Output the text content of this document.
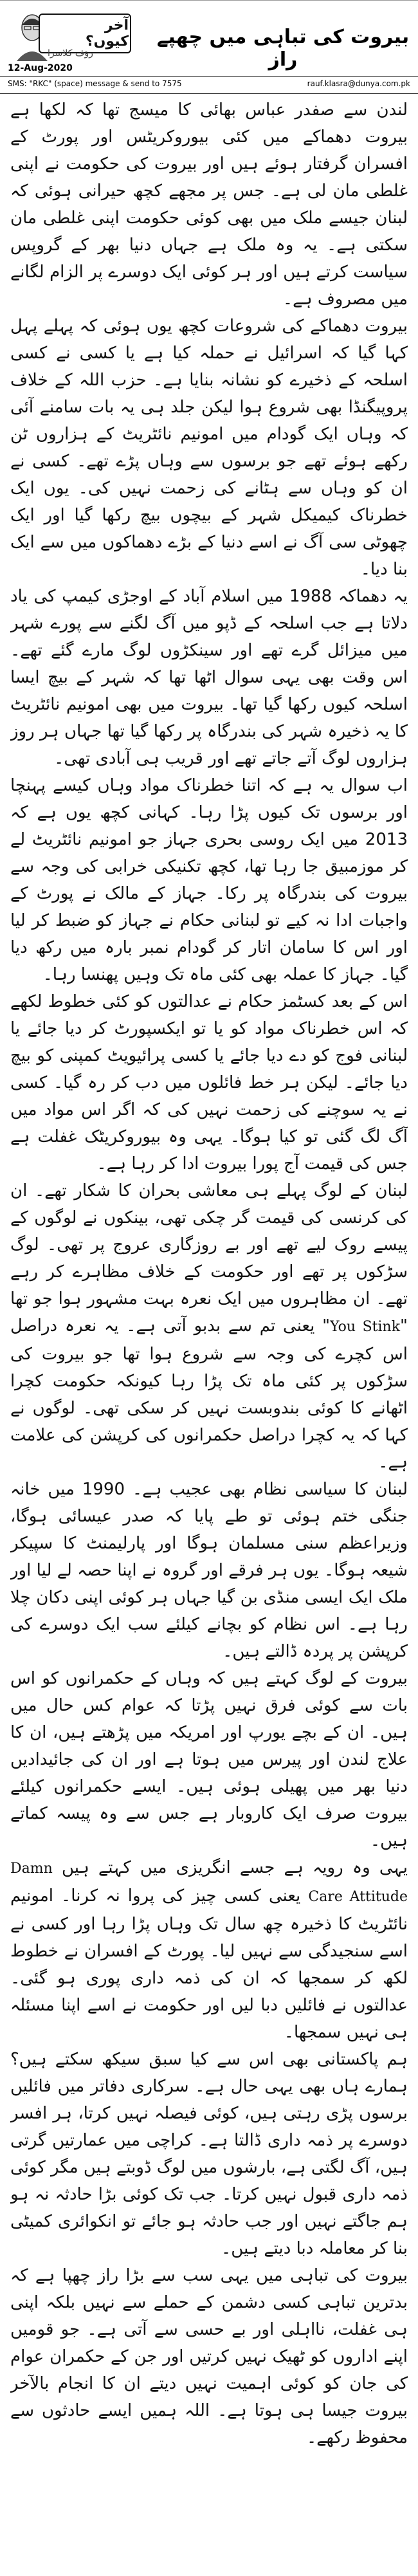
آخر کیوں؟
رؤف کلاسرا
بیروت کی تباہی میں چھپے راز
12-Aug-2020
SMS: "RKC" (space) message & send to 7575	rauf.klasra@dunya.com.pk

لندن سے صفدر عباس بھائی کا میسج تھا کہ لکھا ہے بیروت دھماکے میں کئی بیوروکریٹس اور پورٹ کے افسران گرفتار ہوئے ہیں اور بیروت کی حکومت نے اپنی غلطی مان لی ہے۔ جس پر مجھے کچھ حیرانی ہوئی کہ لبنان جیسے ملک میں بھی کوئی حکومت اپنی غلطی مان سکتی ہے۔ یہ وہ ملک ہے جہاں دنیا بھر کے گروپس سیاست کرتے ہیں اور ہر کوئی ایک دوسرے پر الزام لگانے میں مصروف ہے۔

بیروت دھماکے کی شروعات کچھ یوں ہوئی کہ پہلے پہل کہا گیا کہ اسرائیل نے حملہ کیا ہے یا کسی نے کسی اسلحہ کے ذخیرے کو نشانہ بنایا ہے۔ حزب اللہ کے خلاف پروپیگنڈا بھی شروع ہوا لیکن جلد ہی یہ بات سامنے آئی کہ وہاں ایک گودام میں امونیم نائٹریٹ کے ہزاروں ٹن رکھے ہوئے تھے جو برسوں سے وہاں پڑے تھے۔ کسی نے ان کو وہاں سے ہٹانے کی زحمت نہیں کی۔ یوں ایک خطرناک کیمیکل شہر کے بیچوں بیچ رکھا گیا اور ایک چھوٹی سی آگ نے اسے دنیا کے بڑے دھماکوں میں سے ایک بنا دیا۔

یہ دھماکہ 1988 میں اسلام آباد کے اوجڑی کیمپ کی یاد دلاتا ہے جب اسلحہ کے ڈپو میں آگ لگنے سے پورے شہر میں میزائل گرے تھے اور سینکڑوں لوگ مارے گئے تھے۔ اس وقت بھی یہی سوال اٹھا تھا کہ شہر کے بیچ ایسا اسلحہ کیوں رکھا گیا تھا۔ بیروت میں بھی امونیم نائٹریٹ کا یہ ذخیرہ شہر کی بندرگاہ پر رکھا گیا تھا جہاں ہر روز ہزاروں لوگ آتے جاتے تھے اور قریب ہی آبادی تھی۔

اب سوال یہ ہے کہ اتنا خطرناک مواد وہاں کیسے پہنچا اور برسوں تک کیوں پڑا رہا۔ کہانی کچھ یوں ہے کہ 2013 میں ایک روسی بحری جہاز جو امونیم نائٹریٹ لے کر موزمبیق جا رہا تھا، کچھ تکنیکی خرابی کی وجہ سے بیروت کی بندرگاہ پر رکا۔ جہاز کے مالک نے پورٹ کے واجبات ادا نہ کیے تو لبنانی حکام نے جہاز کو ضبط کر لیا اور اس کا سامان اتار کر گودام نمبر بارہ میں رکھ دیا گیا۔ جہاز کا عملہ بھی کئی ماہ تک وہیں پھنسا رہا۔

اس کے بعد کسٹمز حکام نے عدالتوں کو کئی خطوط لکھے کہ اس خطرناک مواد کو یا تو ایکسپورٹ کر دیا جائے یا لبنانی فوج کو دے دیا جائے یا کسی پرائیویٹ کمپنی کو بیچ دیا جائے۔ لیکن ہر خط فائلوں میں دب کر رہ گیا۔ کسی نے یہ سوچنے کی زحمت نہیں کی کہ اگر اس مواد میں آگ لگ گئی تو کیا ہوگا۔ یہی وہ بیوروکریٹک غفلت ہے جس کی قیمت آج پورا بیروت ادا کر رہا ہے۔

لبنان کے لوگ پہلے ہی معاشی بحران کا شکار تھے۔ ان کی کرنسی کی قیمت گر چکی تھی، بینکوں نے لوگوں کے پیسے روک لیے تھے اور بے روزگاری عروج پر تھی۔ لوگ سڑکوں پر تھے اور حکومت کے خلاف مظاہرے کر رہے تھے۔ ان مظاہروں میں ایک نعرہ بہت مشہور ہوا جو تھا "You Stink" یعنی تم سے بدبو آتی ہے۔ یہ نعرہ دراصل اس کچرے کی وجہ سے شروع ہوا تھا جو بیروت کی سڑکوں پر کئی ماہ تک پڑا رہا کیونکہ حکومت کچرا اٹھانے کا کوئی بندوبست نہیں کر سکی تھی۔ لوگوں نے کہا کہ یہ کچرا دراصل حکمرانوں کی کرپشن کی علامت ہے۔

لبنان کا سیاسی نظام بھی عجیب ہے۔ 1990 میں خانہ جنگی ختم ہوئی تو طے پایا کہ صدر عیسائی ہوگا، وزیراعظم سنی مسلمان ہوگا اور پارلیمنٹ کا سپیکر شیعہ ہوگا۔ یوں ہر فرقے اور گروہ نے اپنا حصہ لے لیا اور ملک ایک ایسی منڈی بن گیا جہاں ہر کوئی اپنی دکان چلا رہا ہے۔ اس نظام کو بچانے کیلئے سب ایک دوسرے کی کرپشن پر پردہ ڈالتے ہیں۔

بیروت کے لوگ کہتے ہیں کہ وہاں کے حکمرانوں کو اس بات سے کوئی فرق نہیں پڑتا کہ عوام کس حال میں ہیں۔ ان کے بچے یورپ اور امریکہ میں پڑھتے ہیں، ان کا علاج لندن اور پیرس میں ہوتا ہے اور ان کی جائیدادیں دنیا بھر میں پھیلی ہوئی ہیں۔ ایسے حکمرانوں کیلئے بیروت صرف ایک کاروبار ہے جس سے وہ پیسہ کماتے ہیں۔

یہی وہ رویہ ہے جسے انگریزی میں کہتے ہیں Damn Care Attitude یعنی کسی چیز کی پروا نہ کرنا۔ امونیم نائٹریٹ کا ذخیرہ چھ سال تک وہاں پڑا رہا اور کسی نے اسے سنجیدگی سے نہیں لیا۔ پورٹ کے افسران نے خطوط لکھ کر سمجھا کہ ان کی ذمہ داری پوری ہو گئی۔ عدالتوں نے فائلیں دبا لیں اور حکومت نے اسے اپنا مسئلہ ہی نہیں سمجھا۔

ہم پاکستانی بھی اس سے کیا سبق سیکھ سکتے ہیں؟ ہمارے ہاں بھی یہی حال ہے۔ سرکاری دفاتر میں فائلیں برسوں پڑی رہتی ہیں، کوئی فیصلہ نہیں کرتا، ہر افسر دوسرے پر ذمہ داری ڈالتا ہے۔ کراچی میں عمارتیں گرتی ہیں، آگ لگتی ہے، بارشوں میں لوگ ڈوبتے ہیں مگر کوئی ذمہ داری قبول نہیں کرتا۔ جب تک کوئی بڑا حادثہ نہ ہو ہم جاگتے نہیں اور جب حادثہ ہو جائے تو انکوائری کمیٹی بنا کر معاملہ دبا دیتے ہیں۔

بیروت کی تباہی میں یہی سب سے بڑا راز چھپا ہے کہ بدترین تباہی کسی دشمن کے حملے سے نہیں بلکہ اپنی ہی غفلت، نااہلی اور بے حسی سے آتی ہے۔ جو قومیں اپنے اداروں کو ٹھیک نہیں کرتیں اور جن کے حکمران عوام کی جان کو کوئی اہمیت نہیں دیتے ان کا انجام بالآخر بیروت جیسا ہی ہوتا ہے۔ اللہ ہمیں ایسے حادثوں سے محفوظ رکھے۔
